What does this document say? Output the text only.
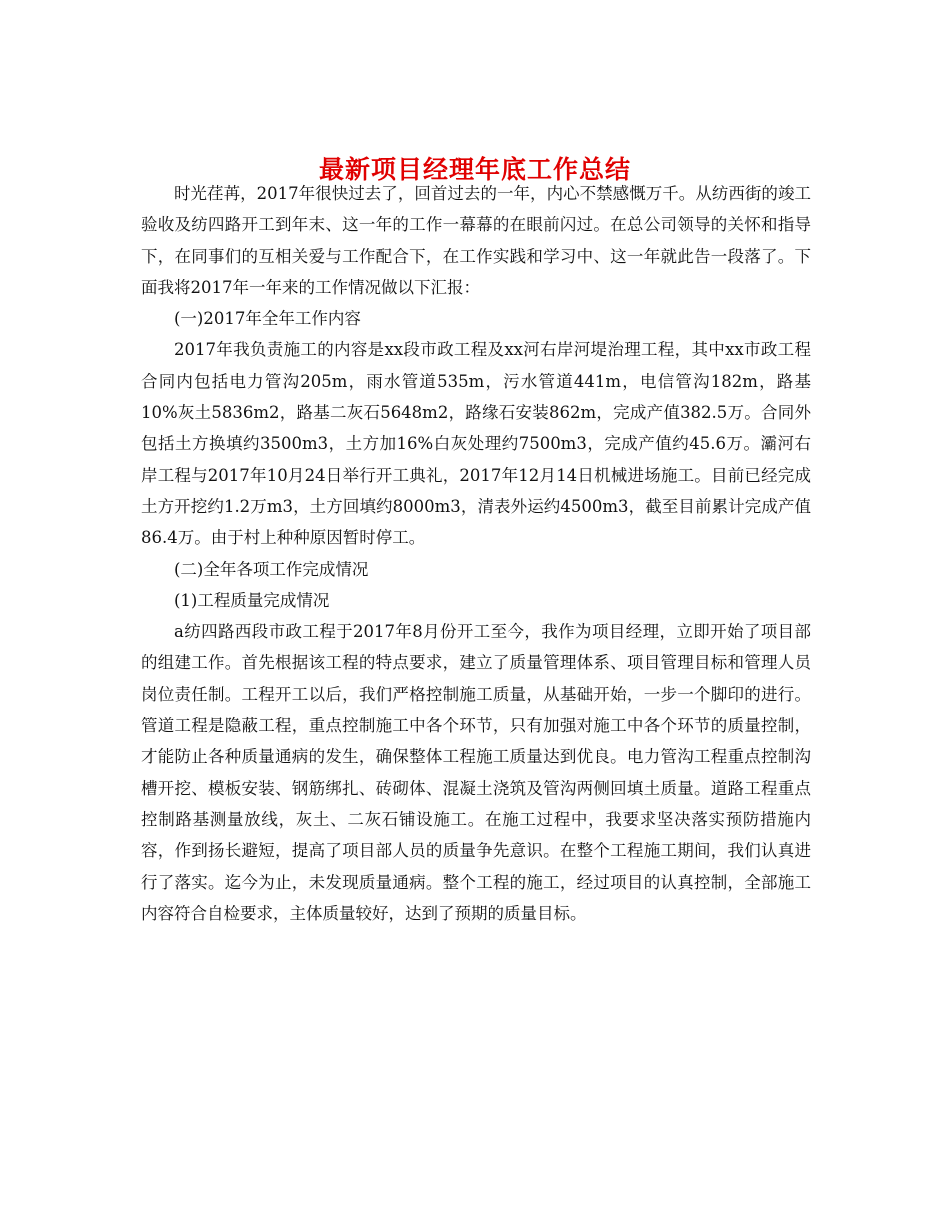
最新项目经理年底工作总结

时光荏苒，2017年很快过去了，回首过去的一年，内心不禁感慨万千。从纺西街的竣工验收及纺四路开工到年末、这一年的工作一幕幕的在眼前闪过。在总公司领导的关怀和指导下，在同事们的互相关爱与工作配合下，在工作实践和学习中、这一年就此告一段落了。下面我将2017年一年来的工作情况做以下汇报：

(一)2017年全年工作内容

2017年我负责施工的内容是xx段市政工程及xx河右岸河堤治理工程，其中xx市政工程合同内包括电力管沟205m，雨水管道535m，污水管道441m，电信管沟182m，路基10%灰土5836m2，路基二灰石5648m2，路缘石安装862m，完成产值382.5万。合同外包括土方换填约3500m3，土方加16%白灰处理约7500m3，完成产值约45.6万。灞河右岸工程与2017年10月24日举行开工典礼，2017年12月14日机械进场施工。目前已经完成土方开挖约1.2万m3，土方回填约8000m3，清表外运约4500m3，截至目前累计完成产值86.4万。由于村上种种原因暂时停工。

(二)全年各项工作完成情况

(1)工程质量完成情况

a纺四路西段市政工程于2017年8月份开工至今，我作为项目经理，立即开始了项目部的组建工作。首先根据该工程的特点要求，建立了质量管理体系、项目管理目标和管理人员岗位责任制。工程开工以后，我们严格控制施工质量，从基础开始，一步一个脚印的进行。管道工程是隐蔽工程，重点控制施工中各个环节，只有加强对施工中各个环节的质量控制，才能防止各种质量通病的发生，确保整体工程施工质量达到优良。电力管沟工程重点控制沟槽开挖、模板安装、钢筋绑扎、砖砌体、混凝土浇筑及管沟两侧回填土质量。道路工程重点控制路基测量放线，灰土、二灰石铺设施工。在施工过程中，我要求坚决落实预防措施内容，作到扬长避短，提高了项目部人员的质量争先意识。在整个工程施工期间，我们认真进行了落实。迄今为止，未发现质量通病。整个工程的施工，经过项目的认真控制，全部施工内容符合自检要求，主体质量较好，达到了预期的质量目标。
